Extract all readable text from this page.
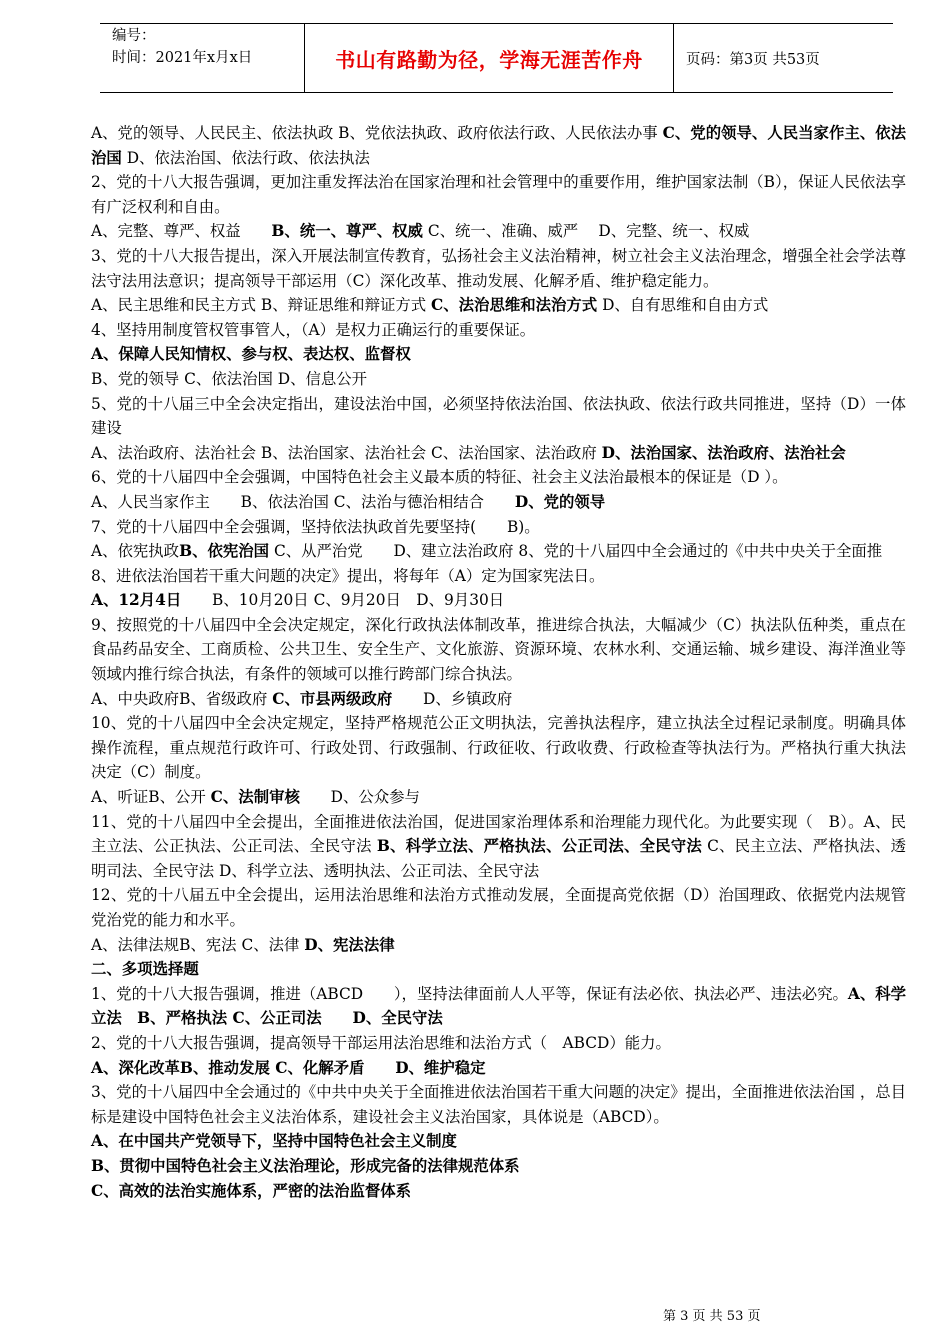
编号：
时间：2021年x月x日	书山有路勤为径，学海无涯苦作舟	页码：第3页 共53页

A、党的领导、人民民主、依法执政 B、党依法执政、政府依法行政、人民依法办事 C、党的领导、人民当家作主、依法治国 D、依法治国、依法行政、依法执法

2、党的十八大报告强调，更加注重发挥法治在国家治理和社会管理中的重要作用，维护国家法制（B），保证人民依法享有广泛权利和自由。

A、完整、尊严、权益　　B、统一、尊严、权威 C、统一、准确、威严　 D、完整、统一、权威

3、党的十八大报告提出，深入开展法制宣传教育，弘扬社会主义法治精神，树立社会主义法治理念，增强全社会学法尊法守法用法意识；提高领导干部运用（C）深化改革、推动发展、化解矛盾、维护稳定能力。

A、民主思维和民主方式 B、辩证思维和辩证方式 C、法治思维和法治方式 D、自有思维和自由方式

4、坚持用制度管权管事管人，（A）是权力正确运行的重要保证。

A、保障人民知情权、参与权、表达权、监督权

B、党的领导 C、依法治国 D、信息公开

5、党的十八届三中全会决定指出，建设法治中国，必须坚持依法治国、依法执政、依法行政共同推进，坚持（D）一体建设

A、法治政府、法治社会 B、法治国家、法治社会 C、法治国家、法治政府 D、法治国家、法治政府、法治社会

6、党的十八届四中全会强调，中国特色社会主义最本质的特征、社会主义法治最根本的保证是（D ）。

A、人民当家作主　　B、依法治国 C、法治与德治相结合　　D、党的领导

7、党的十八届四中全会强调，坚持依法执政首先要坚持(　　B)。

A、依宪执政B、依宪治国 C、从严治党　　D、建立法治政府 8、党的十八届四中全会通过的《中共中央关于全面推

8、进依法治国若干重大问题的决定》提出，将每年（A）定为国家宪法日。

A、12月4日　　B、10月20日 C、9月20日　D、9月30日

9、按照党的十八届四中全会决定规定，深化行政执法体制改革，推进综合执法，大幅减少（C）执法队伍种类，重点在食品药品安全、工商质检、公共卫生、安全生产、文化旅游、资源环境、农林水利、交通运输、城乡建设、海洋渔业等领域内推行综合执法，有条件的领域可以推行跨部门综合执法。

A、中央政府B、省级政府 C、市县两级政府　　D、乡镇政府

10、党的十八届四中全会决定规定，坚持严格规范公正文明执法，完善执法程序，建立执法全过程记录制度。明确具体操作流程，重点规范行政许可、行政处罚、行政强制、行政征收、行政收费、行政检查等执法行为。严格执行重大执法决定（C）制度。

A、听证B、公开 C、法制审核　　D、公众参与

11、党的十八届四中全会提出，全面推进依法治国，促进国家治理体系和治理能力现代化。为此要实现（　B）。A、民主立法、公正执法、公正司法、全民守法 B、科学立法、严格执法、公正司法、全民守法 C、民主立法、严格执法、透明司法、全民守法 D、科学立法、透明执法、公正司法、全民守法

12、党的十八届五中全会提出，运用法治思维和法治方式推动发展，全面提高党依据（D）治国理政、依据党内法规管党治党的能力和水平。

A、法律法规B、宪法 C、法律 D、宪法法律

二、多项选择题

1、党的十八大报告强调，推进（ABCD　　），坚持法律面前人人平等，保证有法必依、执法必严、违法必究。A、科学立法　B、严格执法 C、公正司法　　D、全民守法

2、党的十八大报告强调，提高领导干部运用法治思维和法治方式（　ABCD）能力。

A、深化改革B、推动发展 C、化解矛盾　　D、维护稳定

3、党的十八届四中全会通过的《中共中央关于全面推进依法治国若干重大问题的决定》提出，全面推进依法治国 ，总目标是建设中国特色社会主义法治体系，建设社会主义法治国家，具体说是（ABCD）。

A、在中国共产党领导下，坚持中国特色社会主义制度

B、贯彻中国特色社会主义法治理论，形成完备的法律规范体系

C、高效的法治实施体系，严密的法治监督体系

第 3 页 共 53 页
